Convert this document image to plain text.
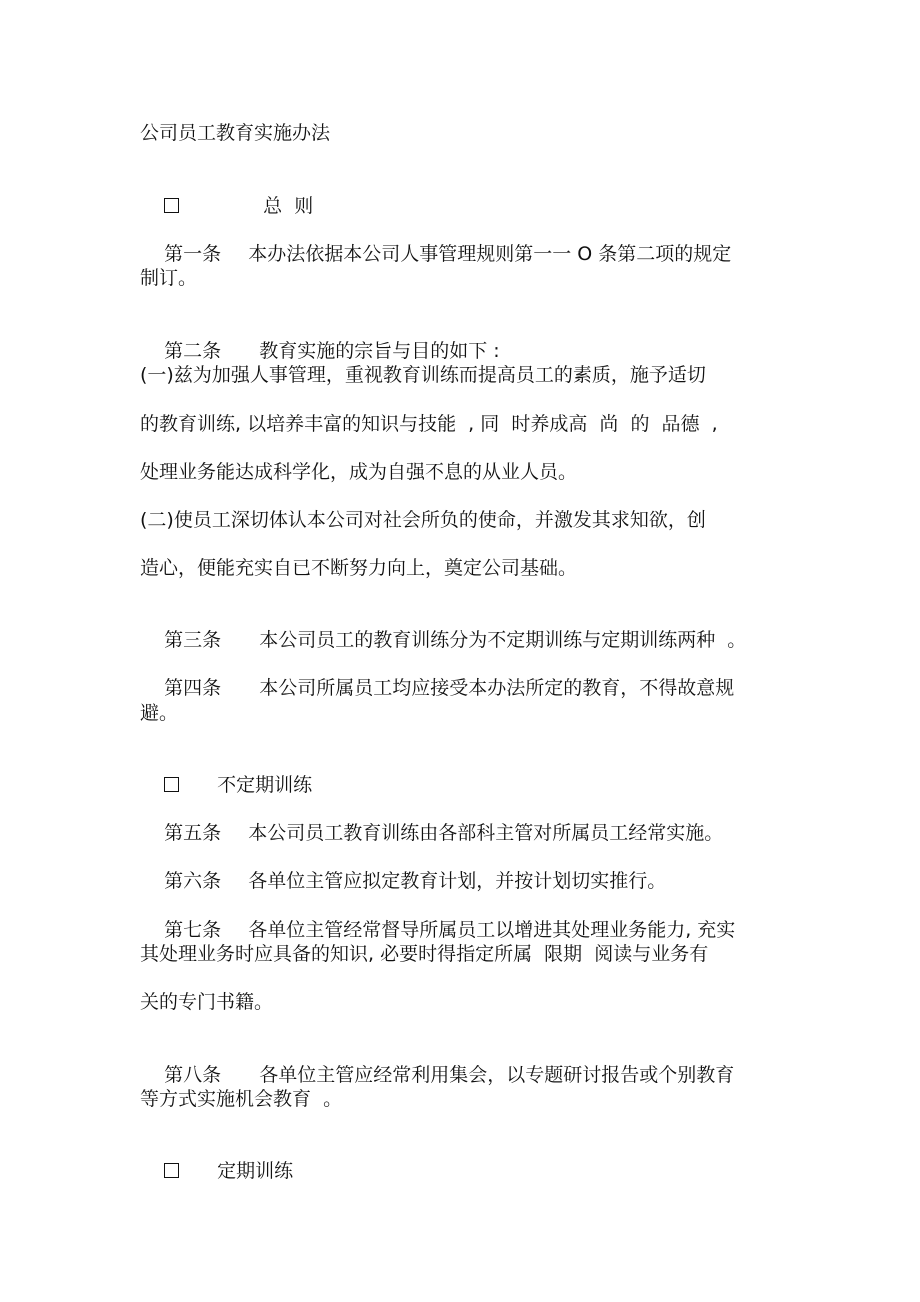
公司员工教育实施办法

总  则

第一条 本办法依据本公司人事管理规则第一一 O 条第二项的规定

制订。

第二条 教育实施的宗旨与目的如下 :

(一)兹为加强人事管理，重视教育训练而提高员工的素质，施予适切

的教育训练, 以培养丰富的知识与技能  , 同  时养成高  尚  的  品德  ,

处理业务能达成科学化，成为自强不息的从业人员。

(二)使员工深切体认本公司对社会所负的使命，并激发其求知欲，创

造心，便能充实自已不断努力向上，奠定公司基础。

第三条 本公司员工的教育训练分为不定期训练与定期训练两种  。

第四条 本公司所属员工均应接受本办法所定的教育，不得故意规

避。

不定期训练

第五条 本公司员工教育训练由各部科主管对所属员工经常实施。

第六条 各单位主管应拟定教育计划，并按计划切实推行。

第七条 各单位主管经常督导所属员工以增进其处理业务能力, 充实

其处理业务时应具备的知识, 必要时得指定所属  限期  阅读与业务有

关的专门书籍。

第八条 各单位主管应经常利用集会，以专题研讨报告或个别教育

等方式实施机会教育  。

定期训练
